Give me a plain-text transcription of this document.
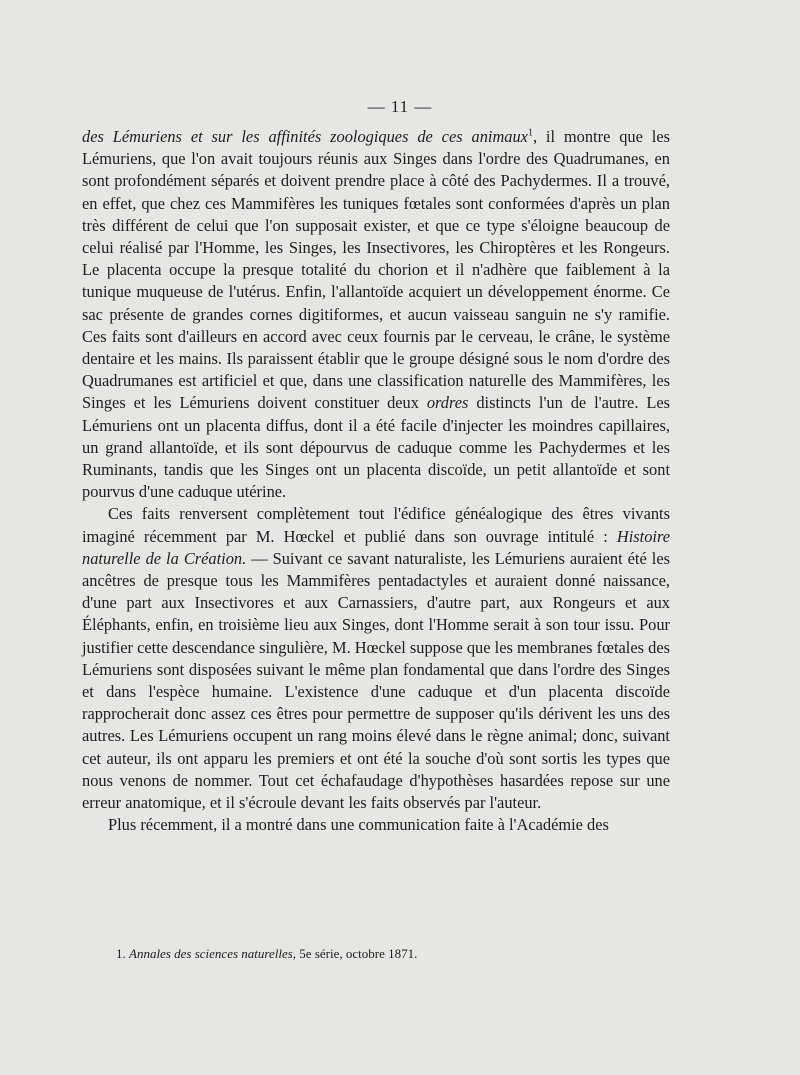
— 11 —

des Lémuriens et sur les affinités zoologiques de ces animaux$^1$, il montre que les Lémuriens, que l'on avait toujours réunis aux Singes dans l'ordre des Quadrumanes, en sont profondément séparés et doivent prendre place à côté des Pachydermes. Il a trouvé, en effet, que chez ces Mammifères les tuniques fœtales sont conformées d'après un plan très différent de celui que l'on supposait exister, et que ce type s'éloigne beaucoup de celui réalisé par l'Homme, les Singes, les Insectivores, les Chiroptères et les Rongeurs. Le placenta occupe la presque totalité du chorion et il n'adhère que faiblement à la tunique muqueuse de l'utérus. Enfin, l'allantoïde acquiert un développement énorme. Ce sac présente de grandes cornes digitiformes, et aucun vaisseau sanguin ne s'y ramifie. Ces faits sont d'ailleurs en accord avec ceux fournis par le cerveau, le crâne, le système dentaire et les mains. Ils paraissent établir que le groupe désigné sous le nom d'ordre des Quadrumanes est artificiel et que, dans une classification naturelle des Mammifères, les Singes et les Lémuriens doivent constituer deux ordres distincts l'un de l'autre. Les Lémuriens ont un placenta diffus, dont il a été facile d'injecter les moindres capillaires, un grand allantoïde, et ils sont dépourvus de caduque comme les Pachydermes et les Ruminants, tandis que les Singes ont un placenta discoïde, un petit allantoïde et sont pourvus d'une caduque utérine.

Ces faits renversent complètement tout l'édifice généalogique des êtres vivants imaginé récemment par M. Hœckel et publié dans son ouvrage intitulé : Histoire naturelle de la Création. — Suivant ce savant naturaliste, les Lémuriens auraient été les ancêtres de presque tous les Mammifères pentadactyles et auraient donné naissance, d'une part aux Insectivores et aux Carnassiers, d'autre part, aux Rongeurs et aux Éléphants, enfin, en troisième lieu aux Singes, dont l'Homme serait à son tour issu. Pour justifier cette descendance singulière, M. Hœckel suppose que les membranes fœtales des Lémuriens sont disposées suivant le même plan fondamental que dans l'ordre des Singes et dans l'espèce humaine. L'existence d'une caduque et d'un placenta discoïde rapprocherait donc assez ces êtres pour permettre de supposer qu'ils dérivent les uns des autres. Les Lémuriens occupent un rang moins élevé dans le règne animal; donc, suivant cet auteur, ils ont apparu les premiers et ont été la souche d'où sont sortis les types que nous venons de nommer. Tout cet échafaudage d'hypothèses hasardées repose sur une erreur anatomique, et il s'écroule devant les faits observés par l'auteur.

Plus récemment, il a montré dans une communication faite à l'Académie des

1. Annales des sciences naturelles, 5e série, octobre 1871.
